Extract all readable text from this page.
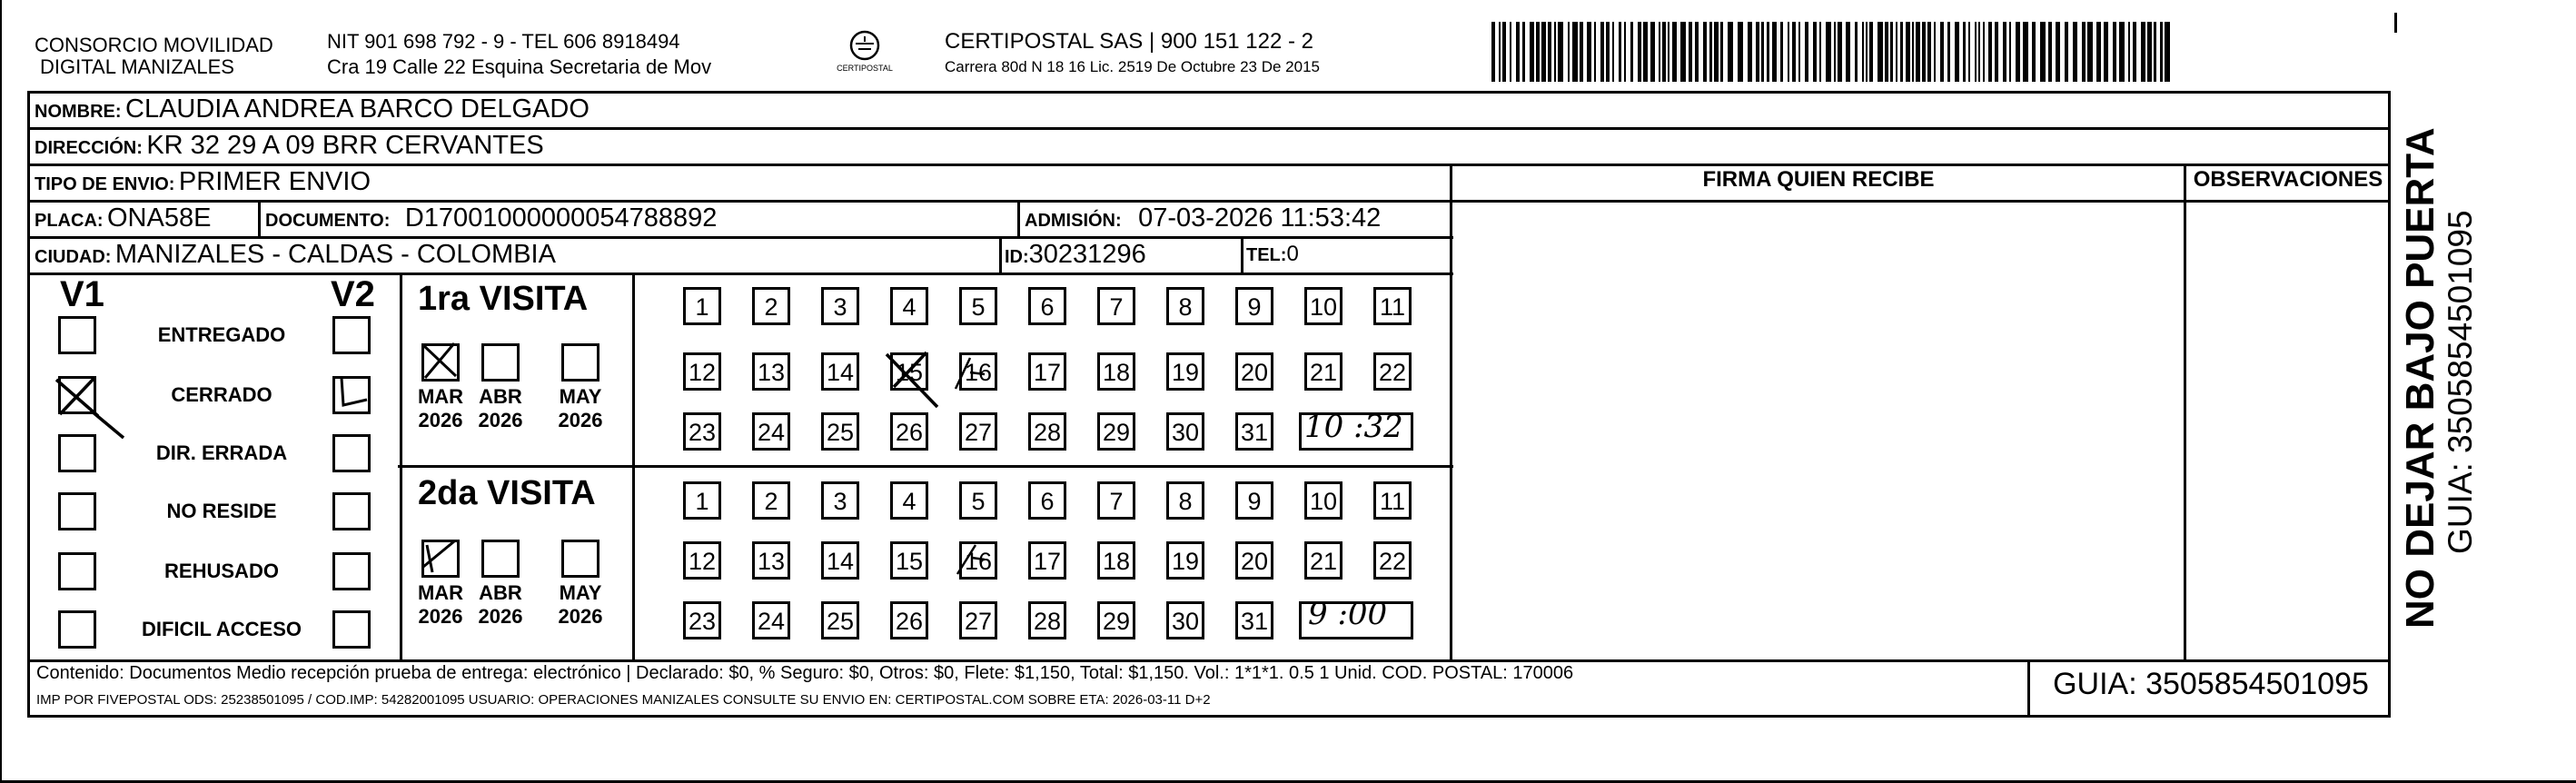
CONSORCIO MOVILIDAD
DIGITAL MANIZALES
NIT 901 698 792 - 9 - TEL 606 8918494
Cra 19 Calle 22 Esquina Secretaria de Mov	CERTIPOSTAL
CERTIPOSTAL SAS | 900 151 122 - 2
Carrera 80d N 18 16 Lic. 2519 De Octubre 23 De 2015
NOMBRE: CLAUDIA ANDREA BARCO DELGADO
DIRECCIÓN: KR 32 29 A 09 BRR CERVANTES
TIPO DE ENVIO: PRIMER ENVIO
PLACA: ONA58E	DOCUMENTO: D17001000000054788892	ADMISIÓN: 07-03-2026 11:53:42
CIUDAD: MANIZALES - CALDAS - COLOMBIA	ID:30231296	TEL:0
FIRMA QUIEN RECIBE	OBSERVACIONES
V1	V2
ENTREGADO
CERRADO
DIR. ERRADA
NO RESIDE
REHUSADO
DIFICIL ACCESO
1ra VISITA
2da VISITA
MAR
2026
ABR
2026
MAY
2026
MAR
2026
ABR
2026
MAY
2026
1	2	3	4	5	6	7	8	9	10 11
12 13 14 15 16 17 18 19 20 21 22
23 24 25 26 27 28 29 30 31
1	2	3	4	5	6	7	8	9	10 11
12 13 14 15 16 17 18 19 20 21 22
23 24 25 26 27 28 29 30 31
10 :32
9 :00
Contenido: Documentos Medio recepción prueba de entrega: electrónico | Declarado: $0, % Seguro: $0, Otros: $0, Flete: $1,150, Total: $1,150. Vol.: 1*1*1. 0.5 1 Unid. COD. POSTAL: 170006
IMP POR FIVEPOSTAL ODS: 25238501095 / COD.IMP: 54282001095 USUARIO: OPERACIONES MANIZALES CONSULTE SU ENVIO EN: CERTIPOSTAL.COM SOBRE ETA: 2026-03-11 D+2	GUIA: 3505854501095
NO DEJAR BAJO PUERTA GUIA: 3505854501095
